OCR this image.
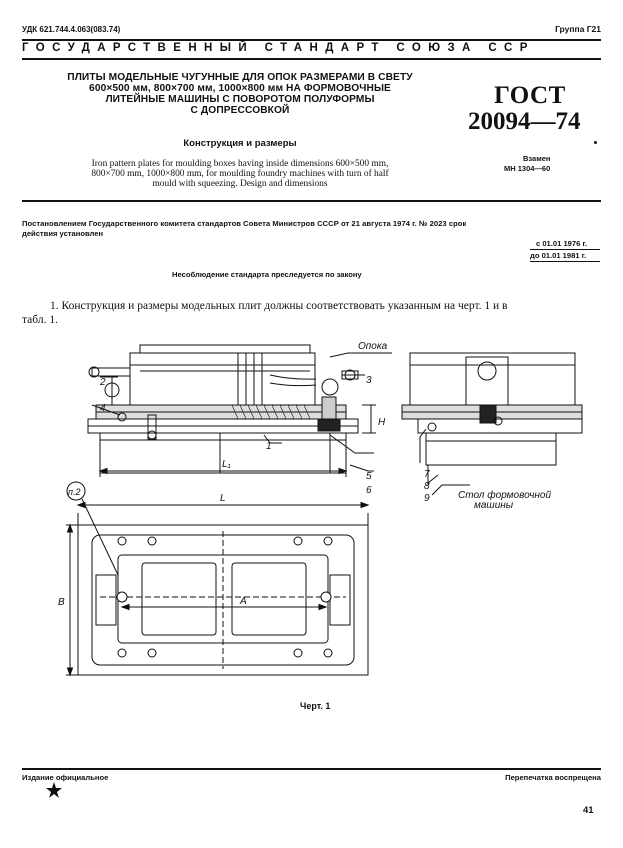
УДК 621.744.4.063(083.74)	Группа Г21
ГОСУДАРСТВЕННЫЙ СТАНДАРТ СОЮЗА ССР
ПЛИТЫ МОДЕЛЬНЫЕ ЧУГУННЫЕ ДЛЯ ОПОК РАЗМЕРАМИ В СВЕТУ
600×500 мм, 800×700 мм, 1000×800 мм НА ФОРМОВОЧНЫЕ
ЛИТЕЙНЫЕ МАШИНЫ С ПОВОРОТОМ ПОЛУФОРМЫ
С ДОПРЕССОВКОЙ
Конструкция и размеры
Iron pattern plates for moulding boxes having inside dimensions 600×500 mm,
800×700 mm, 1000×800 mm, for moulding foundry machines with turn of half
mould with squeezing. Design and dimensions
ГОСТ
20094—74
Взамен
МН 1304—60
Постановлением Государственного комитета стандартов Совета Министров СССР от 21 августа 1974 г. № 2023 срок
действия установлен
с 01.01 1976 г.
до 01.01 1981 г.
Несоблюдение стандарта преследуется по закону
1. Конструкция и размеры модельных плит должны соответствовать указанным на черт. 1 и в
табл. 1.
Опока
2	3
4
1
5
6
H
L₁
7
8
9	Стол формовочной
машины
L
A
B
п.2
Черт. 1
Издание официальное	Перепечатка воспрещена
41
